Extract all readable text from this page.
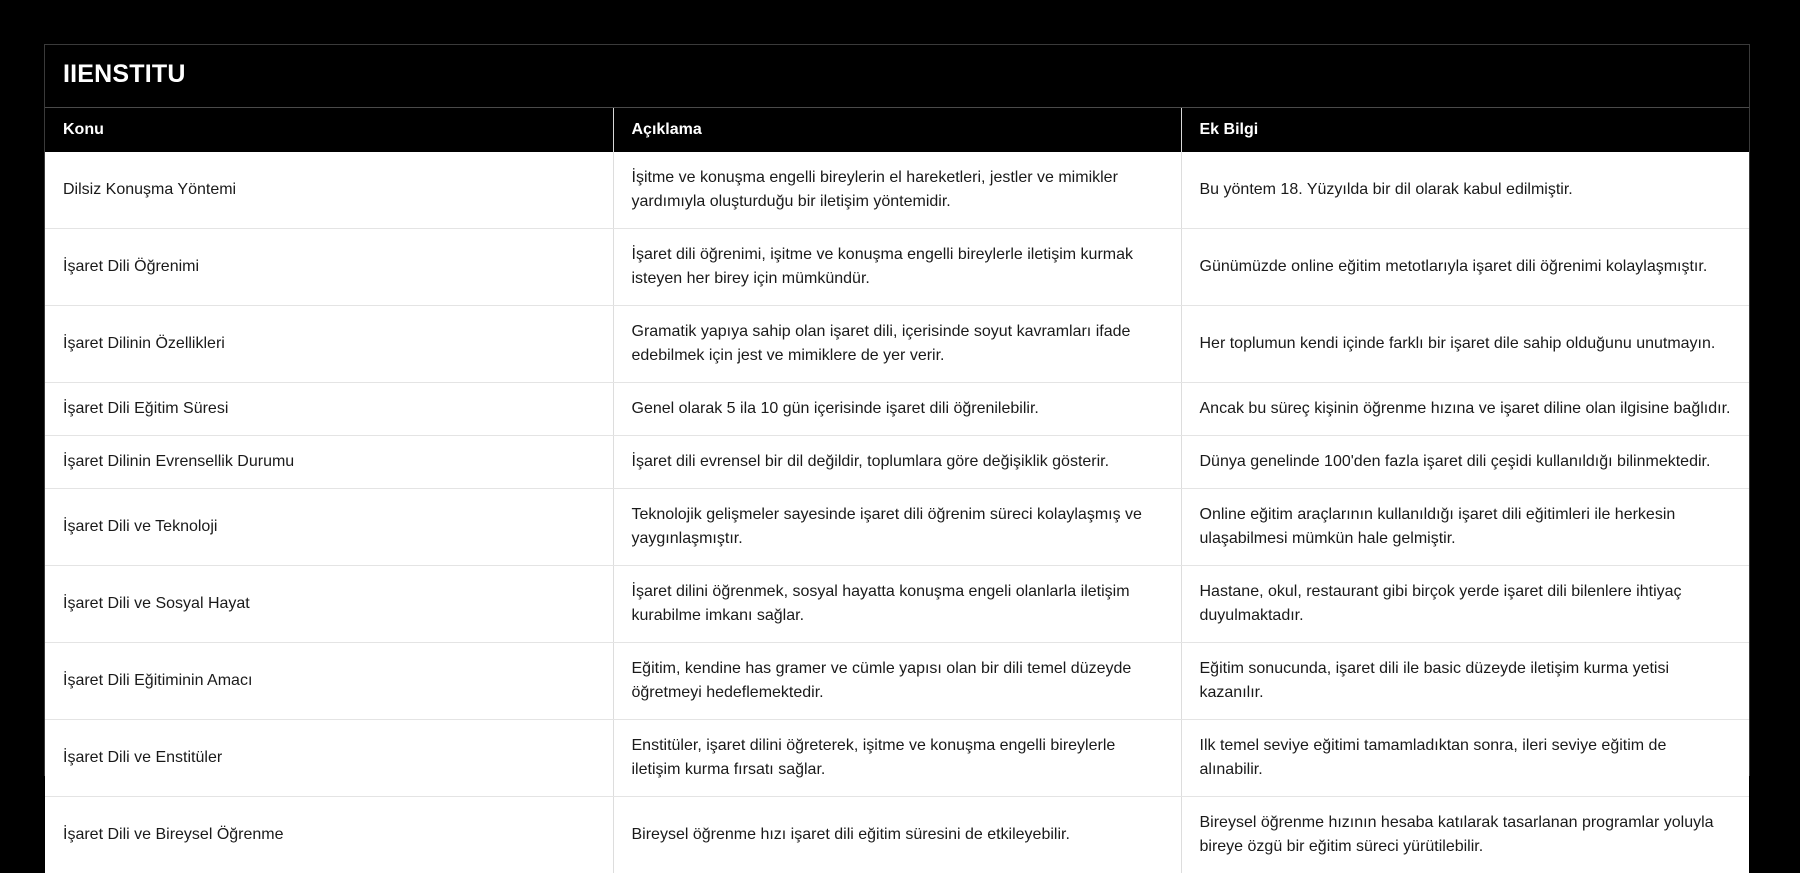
IIENSTITU		

Konu	Açıklama	Ek Bilgi
Dilsiz Konuşma Yöntemi	İşitme ve konuşma engelli bireylerin el hareketleri, jestler ve mimikler yardımıyla oluşturduğu bir iletişim yöntemidir.	Bu yöntem 18. Yüzyılda bir dil olarak kabul edilmiştir.
İşaret Dili Öğrenimi	İşaret dili öğrenimi, işitme ve konuşma engelli bireylerle iletişim kurmak isteyen her birey için mümkündür.	Günümüzde online eğitim metotlarıyla işaret dili öğrenimi kolaylaşmıştır.
İşaret Dilinin Özellikleri	Gramatik yapıya sahip olan işaret dili, içerisinde soyut kavramları ifade edebilmek için jest ve mimiklere de yer verir.	Her toplumun kendi içinde farklı bir işaret dile sahip olduğunu unutmayın.
İşaret Dili Eğitim Süresi	Genel olarak 5 ila 10 gün içerisinde işaret dili öğrenilebilir.	Ancak bu süreç kişinin öğrenme hızına ve işaret diline olan ilgisine bağlıdır.
İşaret Dilinin Evrensellik Durumu	İşaret dili evrensel bir dil değildir, toplumlara göre değişiklik gösterir.	Dünya genelinde 100'den fazla işaret dili çeşidi kullanıldığı bilinmektedir.
İşaret Dili ve Teknoloji	Teknolojik gelişmeler sayesinde işaret dili öğrenim süreci kolaylaşmış ve yaygınlaşmıştır.	Online eğitim araçlarının kullanıldığı işaret dili eğitimleri ile herkesin ulaşabilmesi mümkün hale gelmiştir.
İşaret Dili ve Sosyal Hayat	İşaret dilini öğrenmek, sosyal hayatta konuşma engeli olanlarla iletişim kurabilme imkanı sağlar.	Hastane, okul, restaurant gibi birçok yerde işaret dili bilenlere ihtiyaç duyulmaktadır.
İşaret Dili Eğitiminin Amacı	Eğitim, kendine has gramer ve cümle yapısı olan bir dili temel düzeyde öğretmeyi hedeflemektedir.	Eğitim sonucunda, işaret dili ile basic düzeyde iletişim kurma yetisi kazanılır.
İşaret Dili ve Enstitüler	Enstitüler, işaret dilini öğreterek, işitme ve konuşma engelli bireylerle iletişim kurma fırsatı sağlar.	Ilk temel seviye eğitimi tamamladıktan sonra, ileri seviye eğitim de alınabilir.
İşaret Dili ve Bireysel Öğrenme	Bireysel öğrenme hızı işaret dili eğitim süresini de etkileyebilir.	Bireysel öğrenme hızının hesaba katılarak tasarlanan programlar yoluyla bireye özgü bir eğitim süreci yürütilebilir.
